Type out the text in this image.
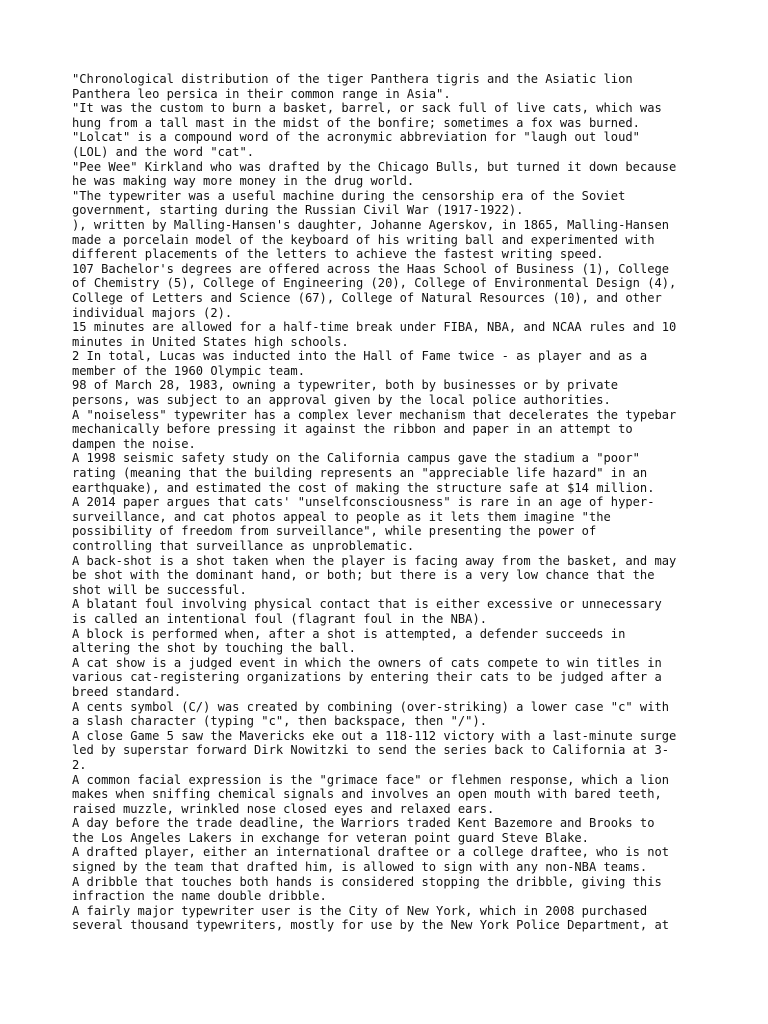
"Chronological distribution of the tiger Panthera tigris and the Asiatic lion
Panthera leo persica in their common range in Asia".
"It was the custom to burn a basket, barrel, or sack full of live cats, which was
hung from a tall mast in the midst of the bonfire; sometimes a fox was burned.
"Lolcat" is a compound word of the acronymic abbreviation for "laugh out loud"
(LOL) and the word "cat".
"Pee Wee" Kirkland who was drafted by the Chicago Bulls, but turned it down because
he was making way more money in the drug world.
"The typewriter was a useful machine during the censorship era of the Soviet
government, starting during the Russian Civil War (1917-1922).
), written by Malling-Hansen's daughter, Johanne Agerskov, in 1865, Malling-Hansen
made a porcelain model of the keyboard of his writing ball and experimented with
different placements of the letters to achieve the fastest writing speed.
107 Bachelor's degrees are offered across the Haas School of Business (1), College
of Chemistry (5), College of Engineering (20), College of Environmental Design (4),
College of Letters and Science (67), College of Natural Resources (10), and other
individual majors (2).
15 minutes are allowed for a half-time break under FIBA, NBA, and NCAA rules and 10
minutes in United States high schools.
2 In total, Lucas was inducted into the Hall of Fame twice - as player and as a
member of the 1960 Olympic team.
98 of March 28, 1983, owning a typewriter, both by businesses or by private
persons, was subject to an approval given by the local police authorities.
A "noiseless" typewriter has a complex lever mechanism that decelerates the typebar
mechanically before pressing it against the ribbon and paper in an attempt to
dampen the noise.
A 1998 seismic safety study on the California campus gave the stadium a "poor"
rating (meaning that the building represents an "appreciable life hazard" in an
earthquake), and estimated the cost of making the structure safe at $14 million.
A 2014 paper argues that cats' "unselfconsciousness" is rare in an age of hyper-
surveillance, and cat photos appeal to people as it lets them imagine "the
possibility of freedom from surveillance", while presenting the power of
controlling that surveillance as unproblematic.
A back-shot is a shot taken when the player is facing away from the basket, and may
be shot with the dominant hand, or both; but there is a very low chance that the
shot will be successful.
A blatant foul involving physical contact that is either excessive or unnecessary
is called an intentional foul (flagrant foul in the NBA).
A block is performed when, after a shot is attempted, a defender succeeds in
altering the shot by touching the ball.
A cat show is a judged event in which the owners of cats compete to win titles in
various cat-registering organizations by entering their cats to be judged after a
breed standard.
A cents symbol (C/) was created by combining (over-striking) a lower case "c" with
a slash character (typing "c", then backspace, then "/").
A close Game 5 saw the Mavericks eke out a 118-112 victory with a last-minute surge
led by superstar forward Dirk Nowitzki to send the series back to California at 3-
2.
A common facial expression is the "grimace face" or flehmen response, which a lion
makes when sniffing chemical signals and involves an open mouth with bared teeth,
raised muzzle, wrinkled nose closed eyes and relaxed ears.
A day before the trade deadline, the Warriors traded Kent Bazemore and Brooks to
the Los Angeles Lakers in exchange for veteran point guard Steve Blake.
A drafted player, either an international draftee or a college draftee, who is not
signed by the team that drafted him, is allowed to sign with any non-NBA teams.
A dribble that touches both hands is considered stopping the dribble, giving this
infraction the name double dribble.
A fairly major typewriter user is the City of New York, which in 2008 purchased
several thousand typewriters, mostly for use by the New York Police Department, at
